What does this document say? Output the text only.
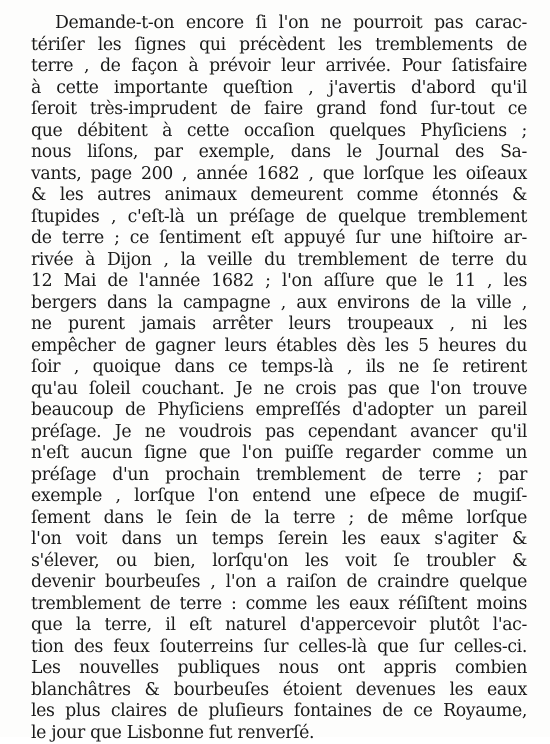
Demande-t-on encore ſi l'on ne pourroit pas carac-
tériſer les ſignes qui précèdent les tremblements de
terre , de façon à prévoir leur arrivée. Pour ſatisfaire
à cette importante queſtion , j'avertis d'abord qu'il
ſeroit très-imprudent de faire grand fond ſur-tout ce
que débitent à cette occaſion quelques Phyſiciens ;
nous liſons, par exemple, dans le Journal des Sa-
vants, page 200 , année 1682 , que lorſque les oiſeaux
& les autres animaux demeurent comme étonnés &
ſtupides , c'eſt-là un préſage de quelque tremblement
de terre ; ce ſentiment eſt appuyé ſur une hiſtoire ar-
rivée à Dijon , la veille du tremblement de terre du
12 Mai de l'année 1682 ; l'on aſſure que le 11 , les
bergers dans la campagne , aux environs de la ville ,
ne purent jamais arrêter leurs troupeaux , ni les
empêcher de gagner leurs étables dès les 5 heures du
ſoir , quoique dans ce temps-là , ils ne ſe retirent
qu'au ſoleil couchant. Je ne crois pas que l'on trouve
beaucoup de Phyſiciens empreſſés d'adopter un pareil
préſage. Je ne voudrois pas cependant avancer qu'il
n'eſt aucun ſigne que l'on puiſſe regarder comme un
préſage d'un prochain tremblement de terre ; par
exemple , lorſque l'on entend une eſpece de mugiſ-
ſement dans le ſein de la terre ; de même lorſque
l'on voit dans un temps ſerein les eaux s'agiter &
s'élever, ou bien, lorſqu'on les voit ſe troubler &
devenir bourbeuſes , l'on a raiſon de craindre quelque
tremblement de terre : comme les eaux réſiſtent moins
que la terre, il eſt naturel d'appercevoir plutôt l'ac-
tion des feux ſouterreins ſur celles-là que ſur celles-ci.
Les nouvelles publiques nous ont appris combien
blanchâtres & bourbeuſes étoient devenues les eaux
les plus claires de pluſieurs fontaines de ce Royaume,
le jour que Lisbonne fut renverſé.
